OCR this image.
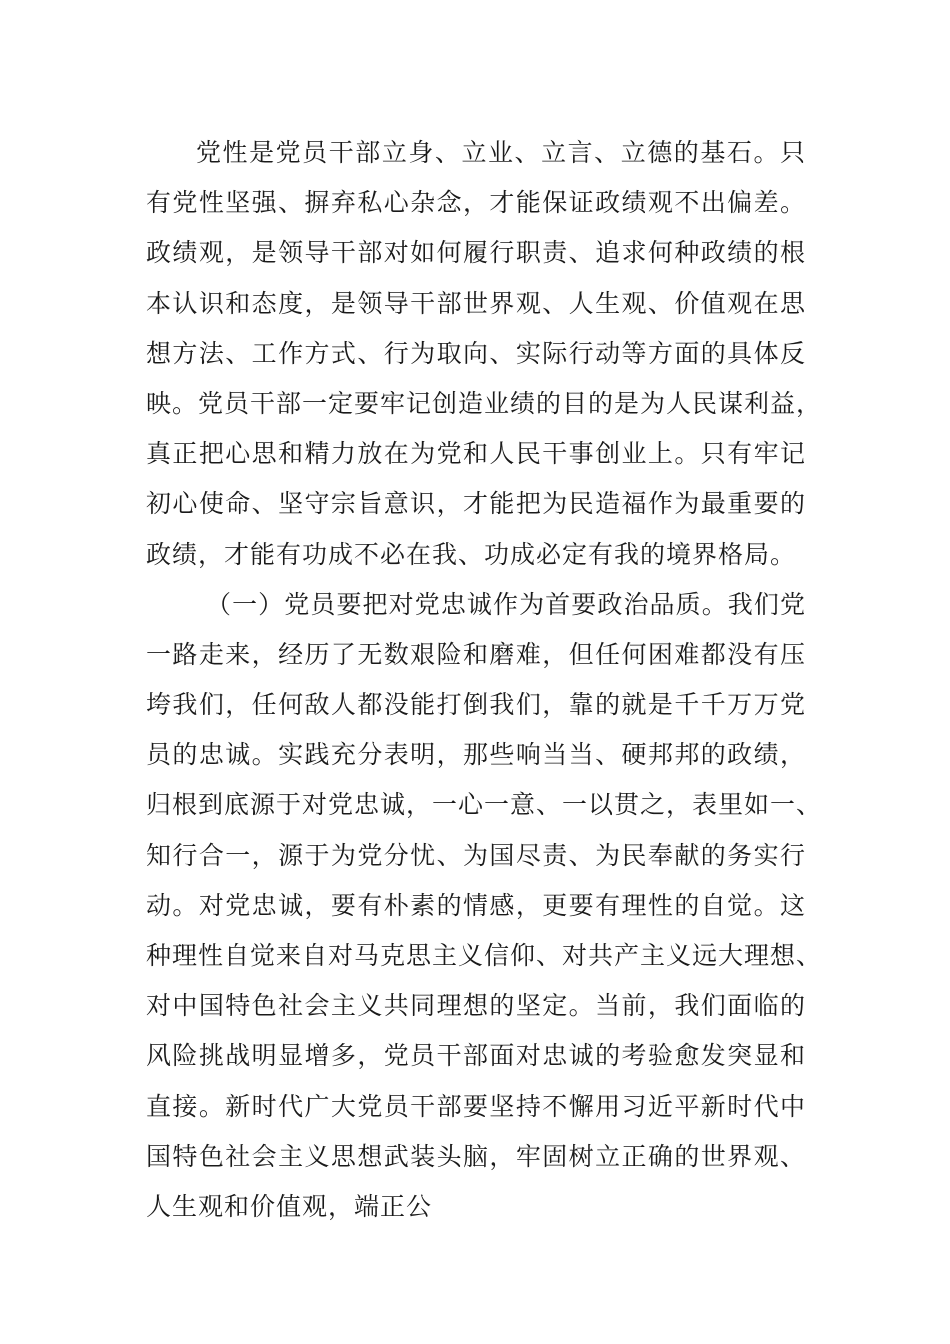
党性是党员干部立身、立业、立言、立德的基石。只
有党性坚强、摒弃私心杂念，才能保证政绩观不出偏差。
政绩观，是领导干部对如何履行职责、追求何种政绩的根
本认识和态度，是领导干部世界观、人生观、价值观在思
想方法、工作方式、行为取向、实际行动等方面的具体反
映。党员干部一定要牢记创造业绩的目的是为人民谋利益，
真正把心思和精力放在为党和人民干事创业上。只有牢记
初心使命、坚守宗旨意识，才能把为民造福作为最重要的
政绩，才能有功成不必在我、功成必定有我的境界格局。
（一）党员要把对党忠诚作为首要政治品质。我们党
一路走来，经历了无数艰险和磨难，但任何困难都没有压
垮我们，任何敌人都没能打倒我们，靠的就是千千万万党
员的忠诚。实践充分表明，那些响当当、硬邦邦的政绩，
归根到底源于对党忠诚，一心一意、一以贯之，表里如一、
知行合一，源于为党分忧、为国尽责、为民奉献的务实行
动。对党忠诚，要有朴素的情感，更要有理性的自觉。这
种理性自觉来自对马克思主义信仰、对共产主义远大理想、
对中国特色社会主义共同理想的坚定。当前，我们面临的
风险挑战明显增多，党员干部面对忠诚的考验愈发突显和
直接。新时代广大党员干部要坚持不懈用习近平新时代中
国特色社会主义思想武装头脑，牢固树立正确的世界观、
人生观和价值观，端正公
